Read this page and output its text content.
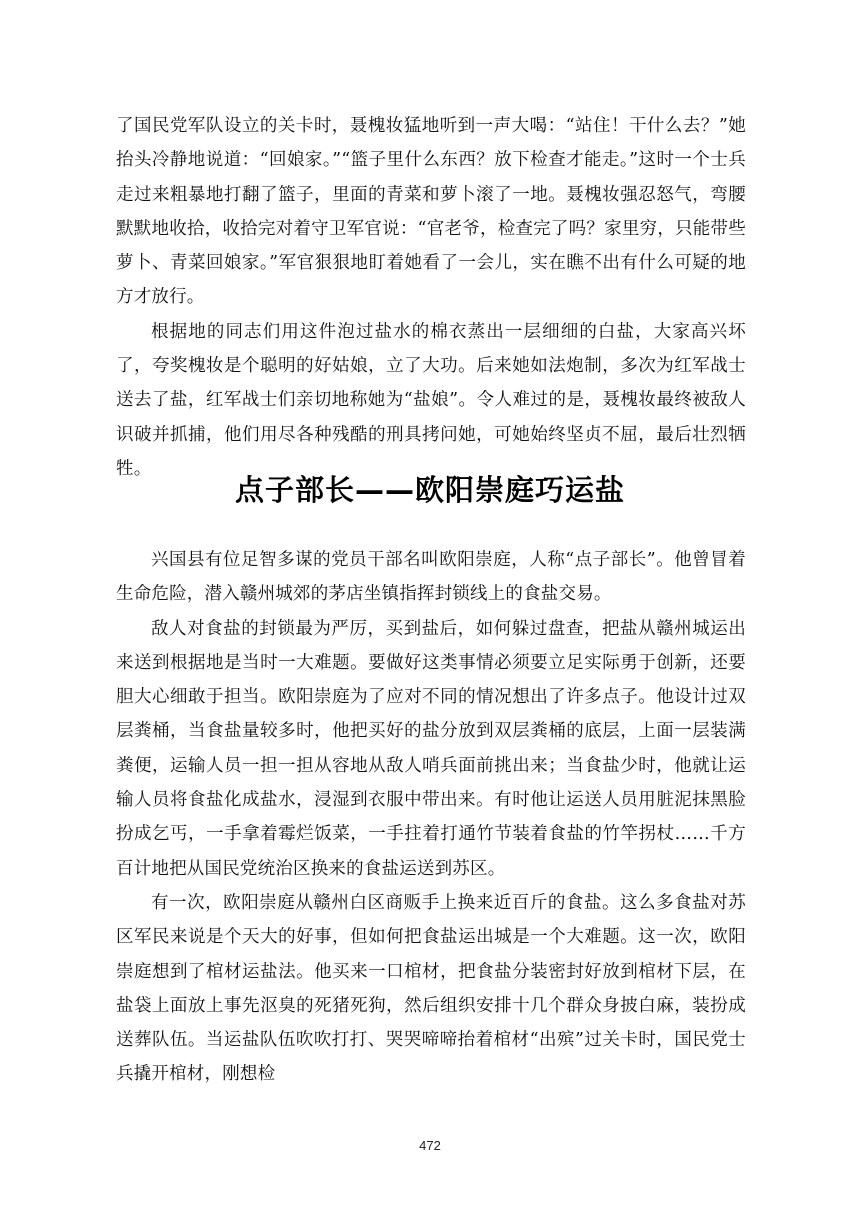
了国民党军队设立的关卡时，聂槐妆猛地听到一声大喝：“站住！干什么去？”她抬头冷静地说道：“回娘家。”“篮子里什么东西？放下检查才能走。”这时一个士兵走过来粗暴地打翻了篮子，里面的青菜和萝卜滚了一地。聂槐妆强忍怒气，弯腰默默地收拾，收拾完对着守卫军官说：“官老爷，检查完了吗？家里穷，只能带些萝卜、青菜回娘家。”军官狠狠地盯着她看了一会儿，实在瞧不出有什么可疑的地方才放行。

根据地的同志们用这件泡过盐水的棉衣蒸出一层细细的白盐，大家高兴坏了，夸奖槐妆是个聪明的好姑娘，立了大功。后来她如法炮制，多次为红军战士送去了盐，红军战士们亲切地称她为“盐娘”。令人难过的是，聂槐妆最终被敌人识破并抓捕，他们用尽各种残酷的刑具拷问她，可她始终坚贞不屈，最后壮烈牺牲。

点子部长——欧阳崇庭巧运盐

兴国县有位足智多谋的党员干部名叫欧阳崇庭，人称“点子部长”。他曾冒着生命危险，潜入赣州城郊的茅店坐镇指挥封锁线上的食盐交易。

敌人对食盐的封锁最为严厉，买到盐后，如何躲过盘查，把盐从赣州城运出来送到根据地是当时一大难题。要做好这类事情必须要立足实际勇于创新，还要胆大心细敢于担当。欧阳崇庭为了应对不同的情况想出了许多点子。他设计过双层粪桶，当食盐量较多时，他把买好的盐分放到双层粪桶的底层，上面一层装满粪便，运输人员一担一担从容地从敌人哨兵面前挑出来；当食盐少时，他就让运输人员将食盐化成盐水，浸湿到衣服中带出来。有时他让运送人员用脏泥抹黑脸扮成乞丐，一手拿着霉烂饭菜，一手拄着打通竹节装着食盐的竹竿拐杖……千方百计地把从国民党统治区换来的食盐运送到苏区。

有一次，欧阳崇庭从赣州白区商贩手上换来近百斤的食盐。这么多食盐对苏区军民来说是个天大的好事，但如何把食盐运出城是一个大难题。这一次，欧阳崇庭想到了棺材运盐法。他买来一口棺材，把食盐分装密封好放到棺材下层，在盐袋上面放上事先沤臭的死猪死狗，然后组织安排十几个群众身披白麻，装扮成送葬队伍。当运盐队伍吹吹打打、哭哭啼啼抬着棺材“出殡”过关卡时，国民党士兵撬开棺材，刚想检

472
